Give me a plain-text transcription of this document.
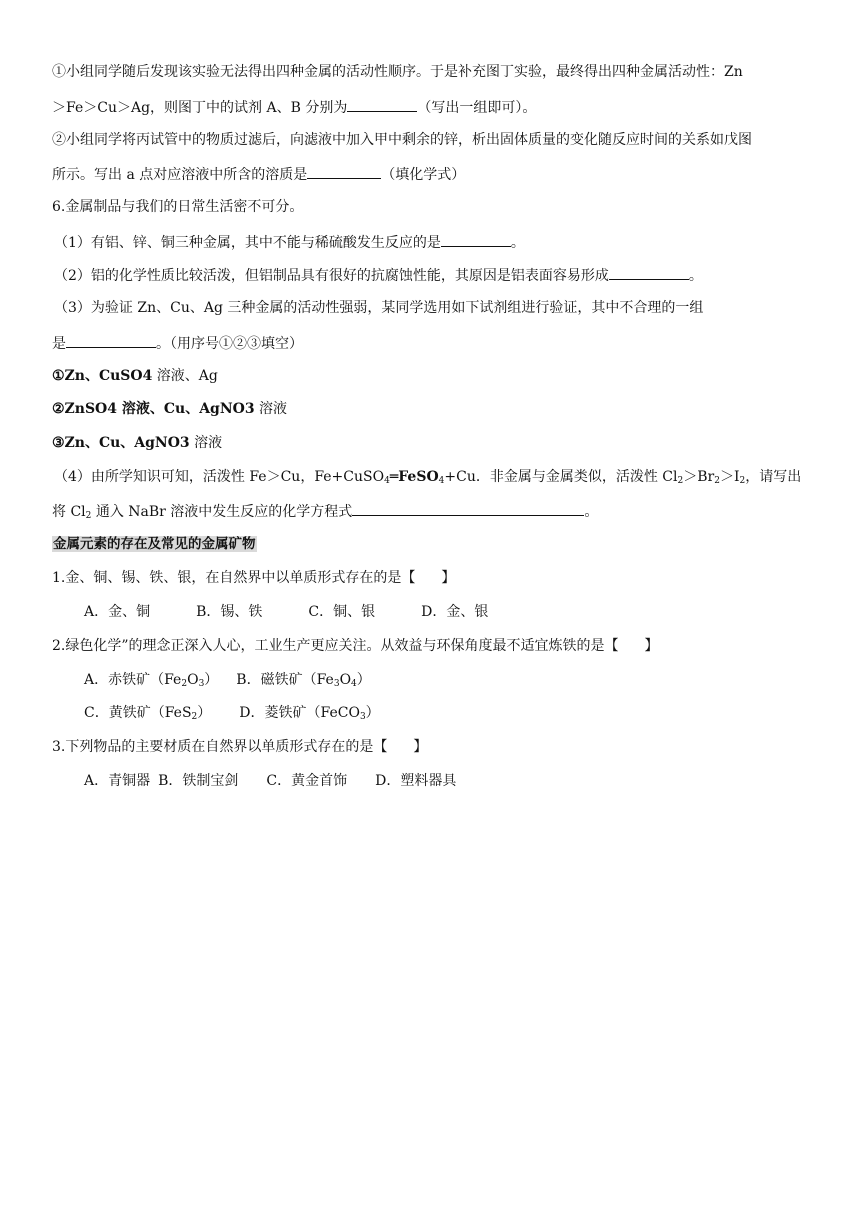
①小组同学随后发现该实验无法得出四种金属的活动性顺序。于是补充图丁实验，最终得出四种金属活动性：Zn
＞Fe＞Cu＞Ag，则图丁中的试剂 A、B 分别为	（写出一组即可）。
②小组同学将丙试管中的物质过滤后，向滤液中加入甲中剩余的锌，析出固体质量的变化随反应时间的关系如戊图
所示。写出 a 点对应溶液中所含的溶质是	（填化学式）
6.金属制品与我们的日常生活密不可分。
（1）有铝、锌、铜三种金属，其中不能与稀硫酸发生反应的是	。
（2）铝的化学性质比较活泼，但铝制品具有很好的抗腐蚀性能，其原因是铝表面容易形成	。
（3）为验证 Zn、Cu、Ag 三种金属的活动性强弱，某同学选用如下试剂组进行验证，其中不合理的一组
是	。（用序号①②③填空）
①Zn、CuSO4 溶液、Ag
②ZnSO4 溶液、Cu、AgNO3 溶液
③Zn、Cu、AgNO3 溶液
（4）由所学知识可知，活泼性 Fe＞Cu，Fe+CuSO$_4$═FeSO$_4$+Cu．非金属与金属类似，活泼性 $Cl_2>Br_2>I_2$，请写出
将 $Cl_2$ 通入 NaBr 溶液中发生反应的化学方程式	。
金属元素的存在及常见的金属矿物
1.金、铜、锡、铁、银，在自然界中以单质形式存在的是【 】
A．金、铜	B．锡、铁	C．铜、银	D．金、银
2.绿色化学”的理念正深入人心，工业生产更应关注。从效益与环保角度最不适宜炼铁的是【 】
A．赤铁矿$(Fe_2O_3)$ B．磁铁矿$(Fe_3O_4)$
C．黄铁矿（FeS$_2$） D．菱铁矿（FeCO$_3$）
3.下列物品的主要材质在自然界以单质形式存在的是【 】
A．青铜器 B．铁制宝剑 C．黄金首饰 D．塑料器具
